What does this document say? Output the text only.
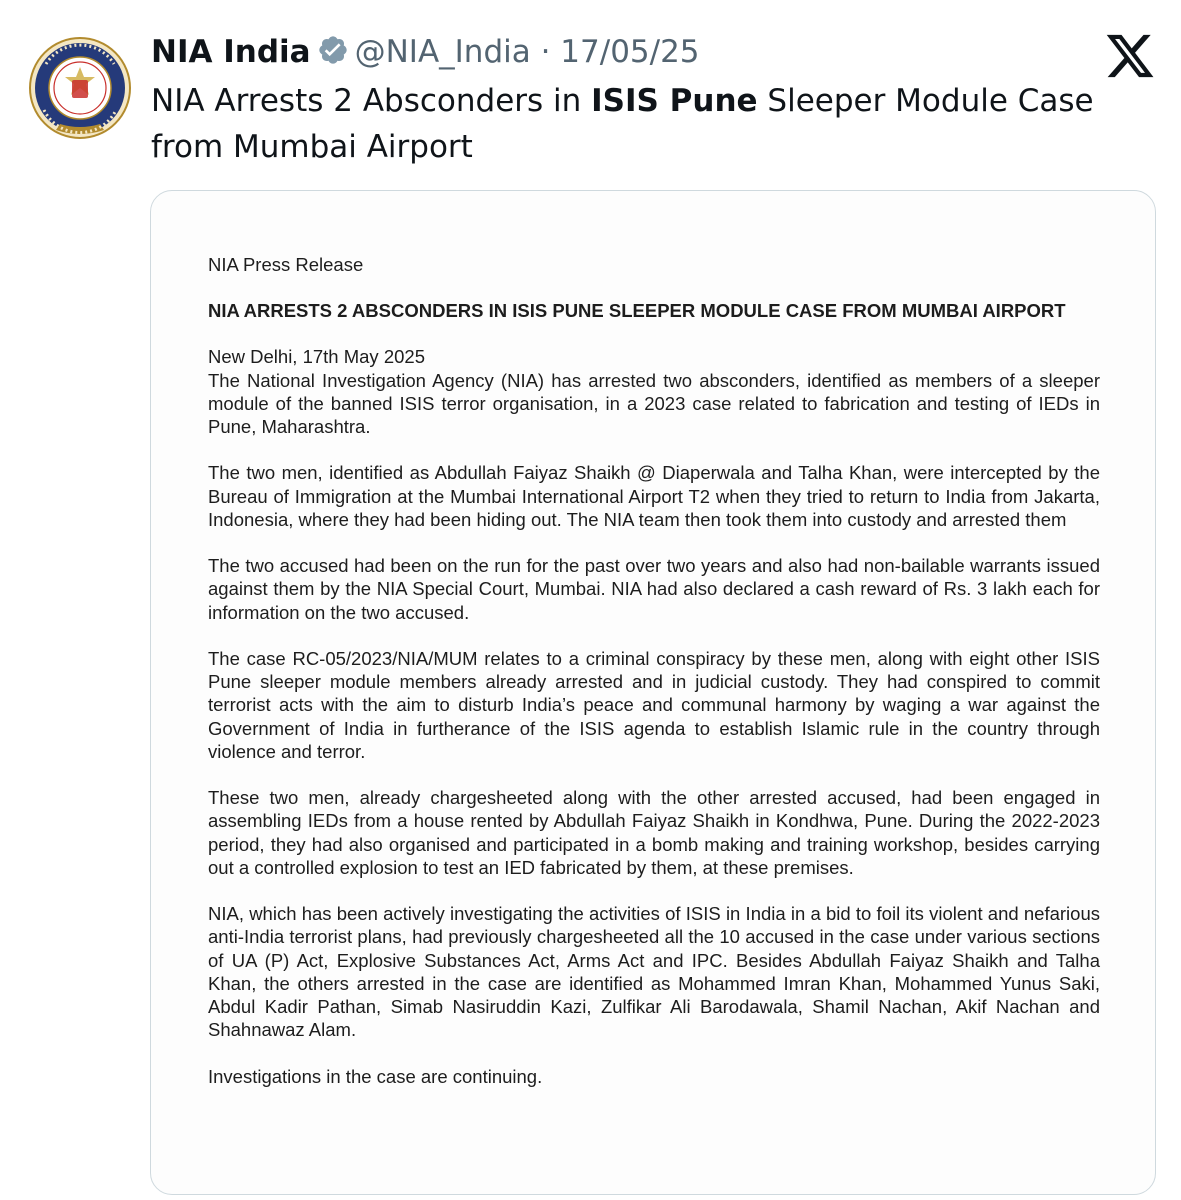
NIA India @NIA_India · 17/05/25
NIA Arrests 2 Absconders in ISIS Pune Sleeper Module Case from Mumbai Airport
NIA Press Release
NIA ARRESTS 2 ABSCONDERS IN ISIS PUNE SLEEPER MODULE CASE FROM MUMBAI AIRPORT
New Delhi, 17th May 2025

The National Investigation Agency (NIA) has arrested two absconders, identified as members of a sleeper module of the banned ISIS terror organisation, in a 2023 case related to fabrication and testing of IEDs in Pune, Maharashtra.

The two men, identified as Abdullah Faiyaz Shaikh @ Diaperwala and Talha Khan, were intercepted by the Bureau of Immigration at the Mumbai International Airport T2 when they tried to return to India from Jakarta, Indonesia, where they had been hiding out. The NIA team then took them into custody and arrested them

The two accused had been on the run for the past over two years and also had non-bailable warrants issued against them by the NIA Special Court, Mumbai. NIA had also declared a cash reward of Rs. 3 lakh each for information on the two accused.

The case RC-05/2023/NIA/MUM relates to a criminal conspiracy by these men, along with eight other ISIS Pune sleeper module members already arrested and in judicial custody. They had conspired to commit terrorist acts with the aim to disturb India’s peace and communal harmony by waging a war against the Government of India in furtherance of the ISIS agenda to establish Islamic rule in the country through violence and terror.

These two men, already chargesheeted along with the other arrested accused, had been engaged in assembling IEDs from a house rented by Abdullah Faiyaz Shaikh in Kondhwa, Pune. During the 2022-2023 period, they had also organised and participated in a bomb making and training workshop, besides carrying out a controlled explosion to test an IED fabricated by them, at these premises.

NIA, which has been actively investigating the activities of ISIS in India in a bid to foil its violent and nefarious anti-India terrorist plans, had previously chargesheeted all the 10 accused in the case under various sections of UA (P) Act, Explosive Substances Act, Arms Act and IPC. Besides Abdullah Faiyaz Shaikh and Talha Khan, the others arrested in the case are identified as Mohammed Imran Khan, Mohammed Yunus Saki, Abdul Kadir Pathan, Simab Nasiruddin Kazi, Zulfikar Ali Barodawala, Shamil Nachan, Akif Nachan and Shahnawaz Alam.

Investigations in the case are continuing.
